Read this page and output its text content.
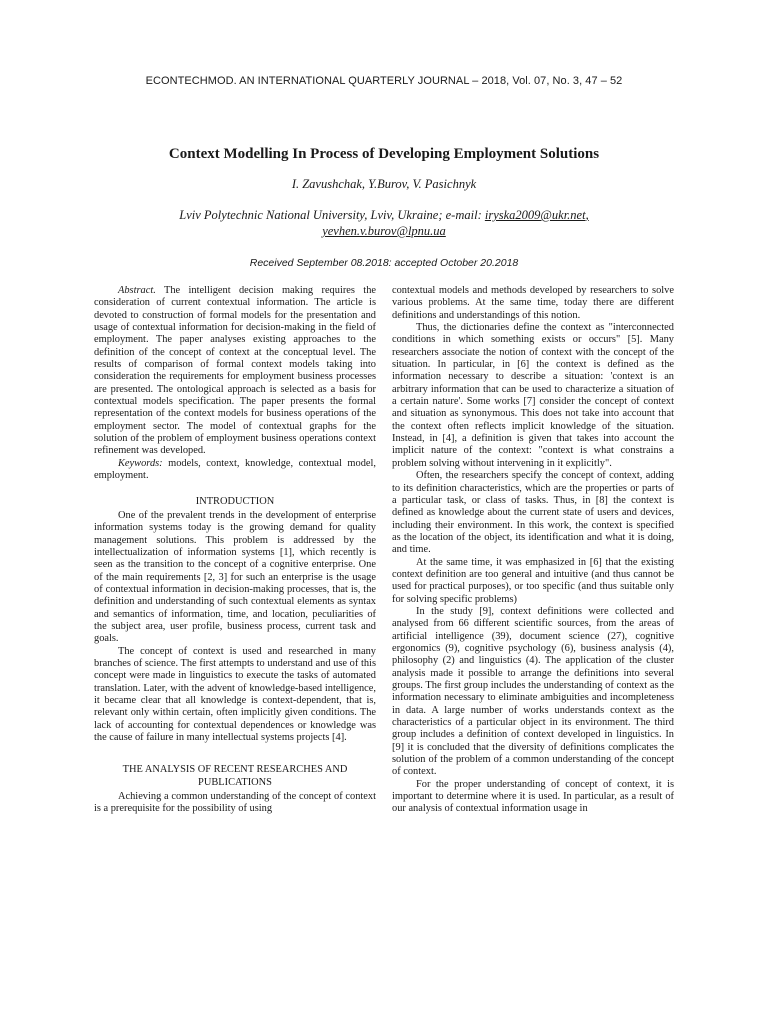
ECONTECHMOD. AN INTERNATIONAL QUARTERLY JOURNAL – 2018, Vol. 07, No. 3, 47 – 52
Context Modelling In Process of Developing Employment Solutions
I. Zavushchak, Y.Burov, V. Pasichnyk
Lviv Polytechnic National University, Lviv, Ukraine; e-mail: iryska2009@ukr.net, yevhen.v.burov@lpnu.ua
Received September 08.2018: accepted October 20.2018

Abstract. The intelligent decision making requires the consideration of current contextual information. The article is devoted to construction of formal models for the presentation and usage of contextual information for decision-making in the field of employment. The paper analyses existing approaches to the definition of the concept of context at the conceptual level. The results of comparison of formal context models taking into consideration the requirements for employment business processes are presented. The ontological approach is selected as a basis for contextual models specification. The paper presents the formal representation of the context models for business operations of the employment sector. The model of contextual graphs for the solution of the problem of employment business operations context refinement was developed.

Keywords: models, context, knowledge, contextual model, employment.

INTRODUCTION

One of the prevalent trends in the development of enterprise information systems today is the growing demand for quality management solutions. This problem is addressed by the intellectualization of information systems [1], which recently is seen as the transition to the concept of a cognitive enterprise. One of the main requirements [2, 3] for such an enterprise is the usage of contextual information in decision-making processes, that is, the definition and understanding of such contextual elements as syntax and semantics of information, time, and location, peculiarities of the subject area, user profile, business process, current task and goals.

The concept of context is used and researched in many branches of science. The first attempts to understand and use of this concept were made in linguistics to execute the tasks of automated translation. Later, with the advent of knowledge-based intelligence, it became clear that all knowledge is context-dependent, that is, relevant only within certain, often implicitly given conditions. The lack of accounting for contextual dependences or knowledge was the cause of failure in many intellectual systems projects [4].

THE ANALYSIS OF RECENT RESEARCHES AND PUBLICATIONS

Achieving a common understanding of the concept of context is a prerequisite for the possibility of using

contextual models and methods developed by researchers to solve various problems. At the same time, today there are different definitions and understandings of this notion.

Thus, the dictionaries define the context as "interconnected conditions in which something exists or occurs" [5]. Many researchers associate the notion of context with the concept of the situation. In particular, in [6] the context is defined as the information necessary to describe a situation: 'context is an arbitrary information that can be used to characterize a situation of a certain nature'. Some works [7] consider the concept of context and situation as synonymous. This does not take into account that the context often reflects implicit knowledge of the situation. Instead, in [4], a definition is given that takes into account the implicit nature of the context: "context is what constrains a problem solving without intervening in it explicitly".

Often, the researchers specify the concept of context, adding to its definition characteristics, which are the properties or parts of a particular task, or class of tasks. Thus, in [8] the context is defined as knowledge about the current state of users and devices, including their environment. In this work, the context is specified as the location of the object, its identification and what it is doing, and time.

At the same time, it was emphasized in [6] that the existing context definition are too general and intuitive (and thus cannot be used for practical purposes), or too specific (and thus suitable only for solving specific problems)

In the study [9], context definitions were collected and analysed from 66 different scientific sources, from the areas of artificial intelligence (39), document science (27), cognitive ergonomics (9), cognitive psychology (6), business analysis (4), philosophy (2) and linguistics (4). The application of the cluster analysis made it possible to arrange the definitions into several groups. The first group includes the understanding of context as the information necessary to eliminate ambiguities and incompleteness in data. A large number of works understands context as the characteristics of a particular object in its environment. The third group includes a definition of context developed in linguistics. In [9] it is concluded that the diversity of definitions complicates the solution of the problem of a common understanding of the concept of context.

For the proper understanding of concept of context, it is important to determine where it is used. In particular, as a result of our analysis of contextual information usage in
